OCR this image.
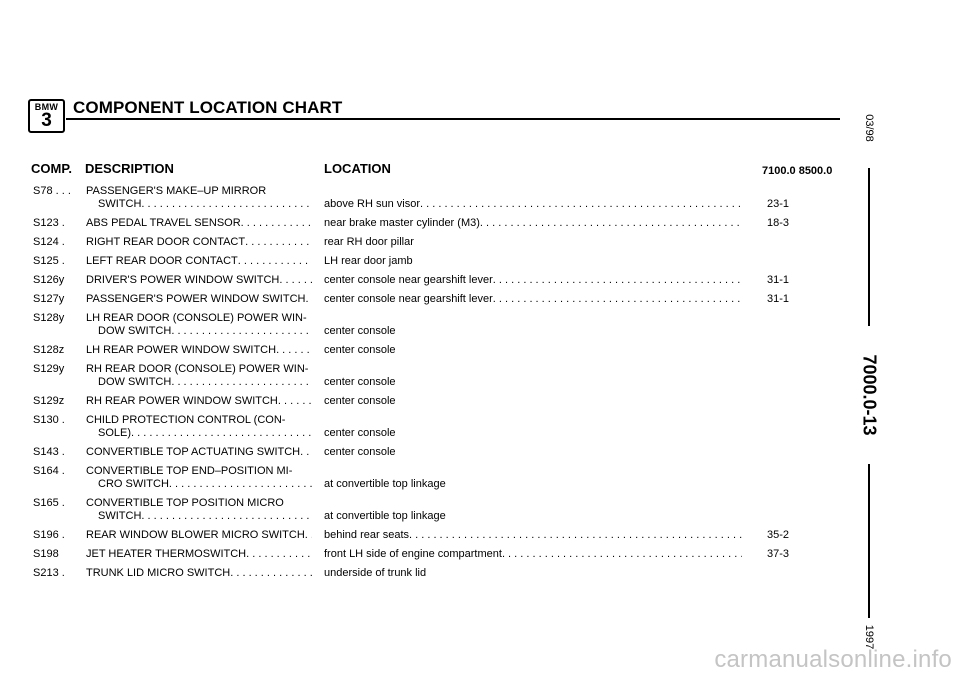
BMW
3
COMPONENT LOCATION CHART
COMP. DESCRIPTION	LOCATION	7100.0 8500.0
S78 . . . PASSENGER'S MAKE–UP MIRROR
SWITCH . . .	above RH sun visor . . .	23-1
S123 . ABS PEDAL TRAVEL SENSOR . . .	near brake master cylinder (M3) . . .	18-3
S124 . RIGHT REAR DOOR CONTACT . . .	rear RH door pillar
S125 . LEFT REAR DOOR CONTACT . . .	LH rear door jamb
S126y DRIVER'S POWER WINDOW SWITCH . . .	center console near gearshift lever . . .	31-1
S127y PASSENGER'S POWER WINDOW SWITCH . . . center console near gearshift lever . . .	31-1
S128y LH REAR DOOR (CONSOLE) POWER WIN-
DOW SWITCH . . .	center console
S128z LH REAR POWER WINDOW SWITCH . . .	center console
S129y RH REAR DOOR (CONSOLE) POWER WIN-
DOW SWITCH . . .	center console
S129z RH REAR POWER WINDOW SWITCH . . .	center console
S130 . CHILD PROTECTION CONTROL (CON-
SOLE) . . .	center console
S143 . CONVERTIBLE TOP ACTUATING SWITCH . . . center console
S164 . CONVERTIBLE TOP END–POSITION MI-
CRO SWITCH . . .	at convertible top linkage
S165 . CONVERTIBLE TOP POSITION MICRO
SWITCH . . .	at convertible top linkage
S196 . REAR WINDOW BLOWER MICRO SWITCH . . . behind rear seats . . .	35-2
S198 JET HEATER THERMOSWITCH . . .	front LH side of engine compartment . . .	37-3
S213 . TRUNK LID MICRO SWITCH . . .	underside of trunk lid
03/98
7000.0-13
1997
carmanualsonline.info
